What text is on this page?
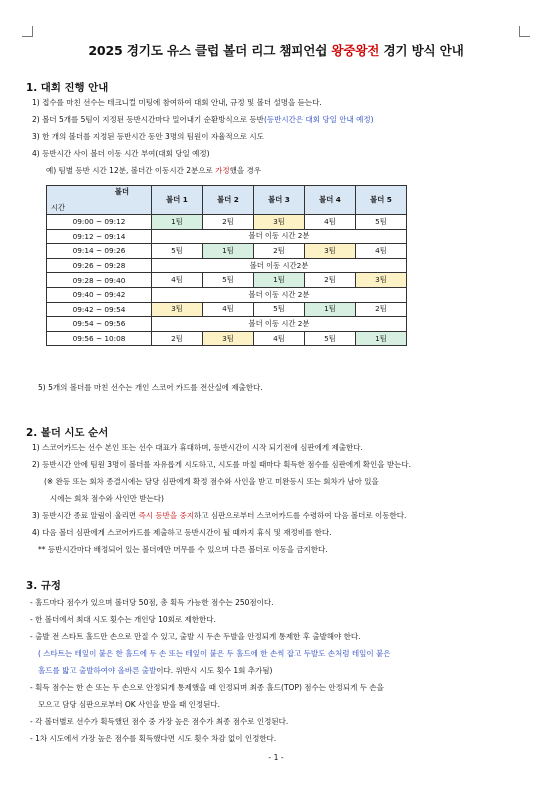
2025 경기도 유스 클럽 볼더 리그 챔피언쉽 왕중왕전 경기 방식 안내
1. 대회 진행 안내
1) 접수를 마친 선수는 테크니컬 미팅에 참여하여 대회 안내, 규정 및 볼더 설명을 듣는다.
2) 볼더 5개를 5팀이 지정된 등반시간마다 밀어내기 순환방식으로 등반(등반시간은 대회 당일 안내 예정)
3) 한 개의 볼더를 지정된 등반시간 동안 3명의 팀원이 자율적으로 시도
4) 등반시간 사이 볼더 이동 시간 부여(대회 당일 예정)
예) 팀별 등반 시간 12분, 볼더간 이동시간 2분으로 가정했을 경우
볼더
시간	볼더 1	볼더 2	볼더 3	볼더 4	볼더 5
09:00 ~ 09:12	1팀	2팀	3팀	4팀	5팀
09:12 ~ 09:14	볼더 이동 시간 2분				
09:14 ~ 09:26	5팀	1팀	2팀	3팀	4팀
09:26 ~ 09:28	볼더 이동 시간2분				
09:28 ~ 09:40	4팀	5팀	1팀	2팀	3팀
09:40 ~ 09:42	볼더 이동 시간 2분				
09:42 ~ 09:54	3팀	4팀	5팀	1팀	2팀
09:54 ~ 09:56	볼더 이동 시간 2분				
09:56 ~ 10:08	2팀	3팀	4팀	5팀	1팀
5) 5개의 볼더를 마친 선수는 개인 스코어 카드를 전산실에 제출한다.
2. 볼더 시도 순서
1) 스코어카드는 선수 본인 또는 선수 대표가 휴대하며, 등반시간이 시작 되기전에 심판에게 제출한다.
2) 등반시간 안에 팀원 3명이 볼더를 자유롭게 시도하고, 시도를 마칠 때마다 획득한 점수를 심판에게 확인을 받는다.
(※ 완등 또는 회차 종결시에는 담당 심판에게 확정 점수와 사인을 받고 미완등시 또는 회차가 남아 있을
시에는 회차 점수와 사인만 받는다)
3) 등반시간 종료 알림이 울리면 즉시 등반을 중지하고 심판으로부터 스코어카드를 수령하여 다음 볼더로 이동한다.
4) 다음 볼더 심판에게 스코어카드를 제출하고 등반시간이 될 때까지 휴식 및 재정비를 한다.
** 등반시간마다 배정되어 있는 볼더에만 머무를 수 있으며 다른 볼더로 이동을 금지한다.
3. 규정
- 홀드마다 점수가 있으며 볼더당 50점, 총 획득 가능한 점수는 250점이다.
- 한 볼더에서 최대 시도 횟수는 개인당 10회로 제한한다.
- 출발 전 스타트 홀드만 손으로 만질 수 있고, 출발 시 두손 두발을 안정되게 통제한 후 출발해야 한다.
( 스타트는 테잎이 붙은 한 홀드에 두 손 또는 테잎이 붙은 두 홀드에 한 손씩 잡고 두발도 손처럼 테잎이 붙은
홀드를 밟고 출발하여야 올바른 출발이다. 위반시 시도 횟수 1회 추가됨)
- 획득 점수는 한 손 또는 두 손으로 안정되게 통제했을 때 인정되며 최종 홀드(TOP) 점수는 안정되게 두 손을
모으고 담당 심판으로부터 OK 사인을 받을 때 인정된다.
- 각 볼더별로 선수가 획득했던 점수 중 가장 높은 점수가 최종 점수로 인정된다.
- 1차 시도에서 가장 높은 점수를 획득했다면 시도 횟수 차감 없이 인정한다.
- 1 -
